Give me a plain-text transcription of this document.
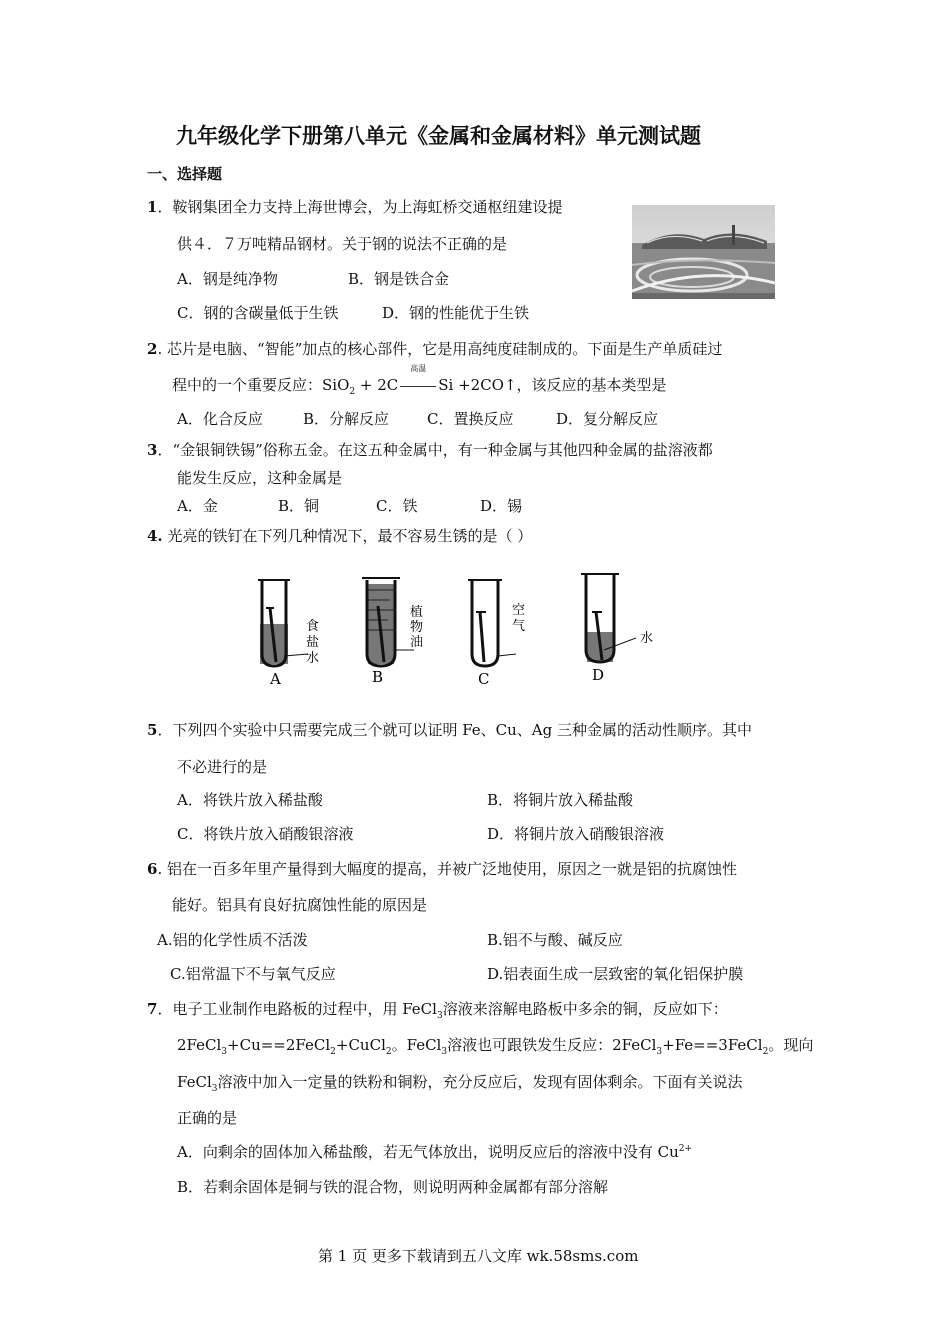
九年级化学下册第八单元《金属和金属材料》单元测试题
一、选择题
1．鞍钢集团全力支持上海世博会，为上海虹桥交通枢纽建设提
供４．７万吨精品钢材。关于钢的说法不正确的是
A．钢是纯净物	B．钢是铁合金
C．钢的含碳量低于生铁	D．钢的性能优于生铁
2. 芯片是电脑、“智能”加点的核心部件，它是用高纯度硅制成的。下面是生产单质硅过
程中的一个重要反应：SiO$_2$ + 2C
高温
Si +2CO↑，该反应的基本类型是
A．化合反应	B．分解反应	C．置换反应	D．复分解反应
3．“金银铜铁锡”俗称五金。在这五种金属中，有一种金属与其他四种金属的盐溶液都
能发生反应，这种金属是
A．金	B．铜	C．铁	D．锡
4. 光亮的铁钉在下列几种情况下，最不容易生锈的是（ ）
食
盐
水
A
植
物
油
B
空
气
C
水
D
5．下列四个实验中只需要完成三个就可以证明 Fe、Cu、Ag 三种金属的活动性顺序。其中
不必进行的是
A．将铁片放入稀盐酸	B．将铜片放入稀盐酸
C．将铁片放入硝酸银溶液	D．将铜片放入硝酸银溶液
6. 铝在一百多年里产量得到大幅度的提高，并被广泛地使用，原因之一就是铝的抗腐蚀性
能好。铝具有良好抗腐蚀性能的原因是
A.铝的化学性质不活泼	B.铝不与酸、碱反应
C.铝常温下不与氧气反应	D.铝表面生成一层致密的氧化铝保护膜
7．电子工业制作电路板的过程中，用 FeCl$_3$溶液来溶解电路板中多余的铜，反应如下：
2FeCl$_3$+Cu==2FeCl$_2$+CuCl$_2$。FeCl$_3$溶液也可跟铁发生反应：2FeCl$_3$+Fe==3FeCl$_2$。现向
FeCl$_3$溶液中加入一定量的铁粉和铜粉，充分反应后，发现有固体剩余。下面有关说法
正确的是
A．向剩余的固体加入稀盐酸，若无气体放出，说明反应后的溶液中没有 $Cu^{2+}$
B．若剩余固体是铜与铁的混合物，则说明两种金属都有部分溶解
第 1 页 更多下载请到五八文库 wk.58sms.com
